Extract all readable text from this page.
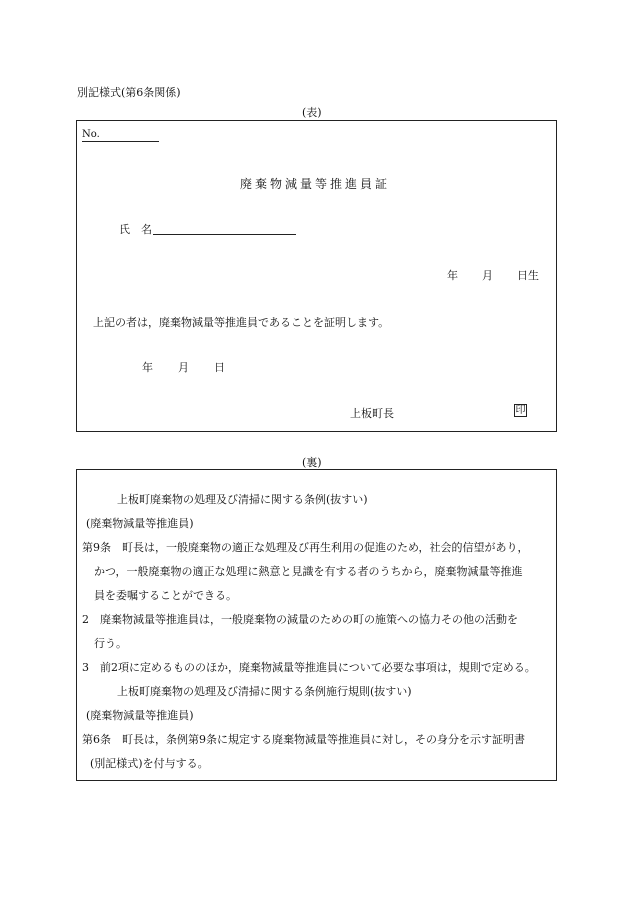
別記様式(第6条関係)
(表)
No.
廃棄物減量等推進員証
氏　名
年 月 日生
上記の者は，廃棄物減量等推進員であることを証明します。
年 月 日
上板町長	印
(裏)
上板町廃棄物の処理及び清掃に関する条例(抜すい)
(廃棄物減量等推進員)
第9条　町長は，一般廃棄物の適正な処理及び再生利用の促進のため，社会的信望があり，
かつ，一般廃棄物の適正な処理に熱意と見識を有する者のうちから，廃棄物減量等推進
員を委嘱することができる。
2　廃棄物減量等推進員は，一般廃棄物の減量のための町の施策への協力その他の活動を
行う。
3　前2項に定めるもののほか，廃棄物減量等推進員について必要な事項は，規則で定める。
上板町廃棄物の処理及び清掃に関する条例施行規則(抜すい)
(廃棄物減量等推進員)
第6条　町長は，条例第9条に規定する廃棄物減量等推進員に対し，その身分を示す証明書
(別記様式)を付与する。
